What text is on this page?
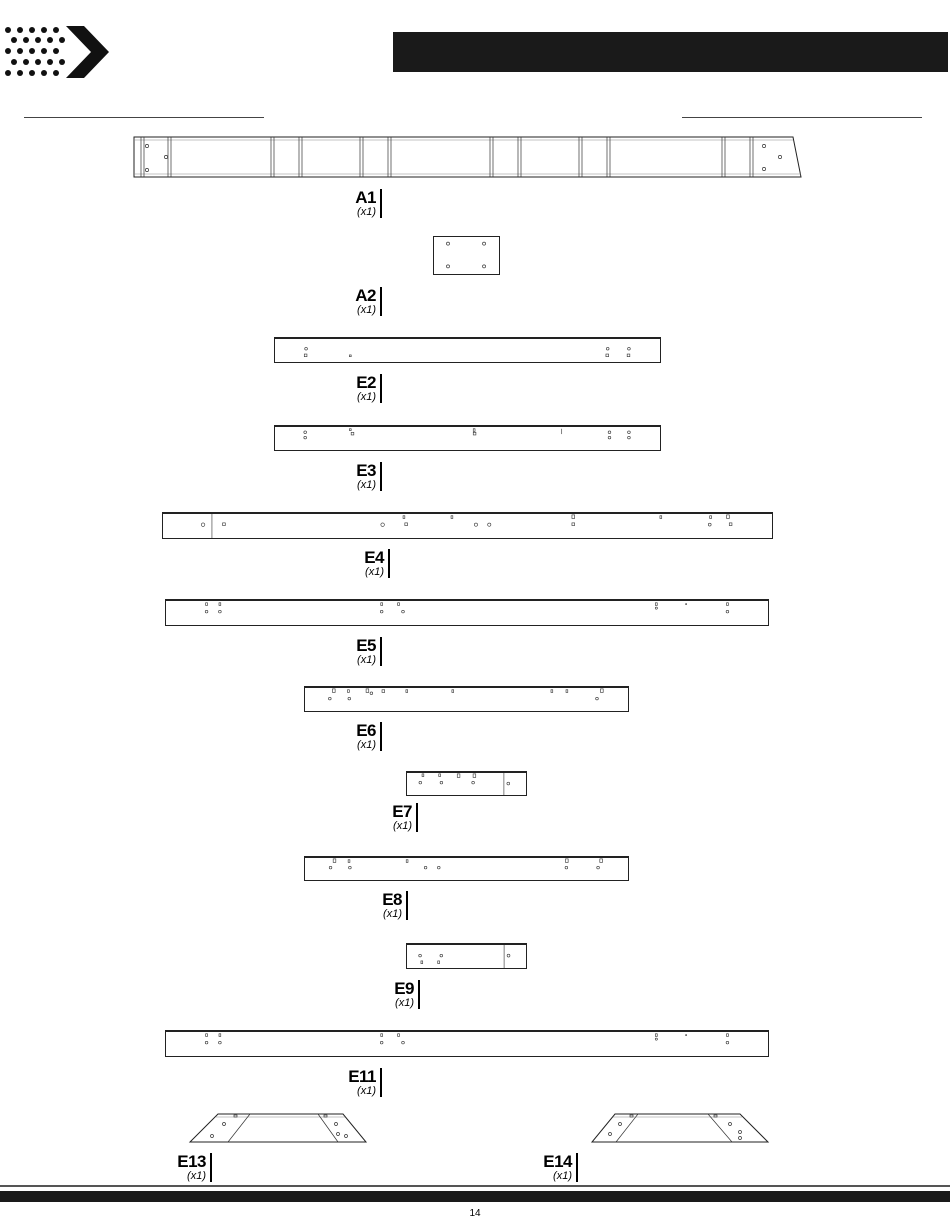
A1
(x1)
A2
(x1)
E2
(x1)
E3
(x1)
E4
(x1)
E5
(x1)
E6
(x1)
E7
(x1)
E8
(x1)
E9
(x1)
E11
(x1)
E13
(x1)
E14
(x1)
14
